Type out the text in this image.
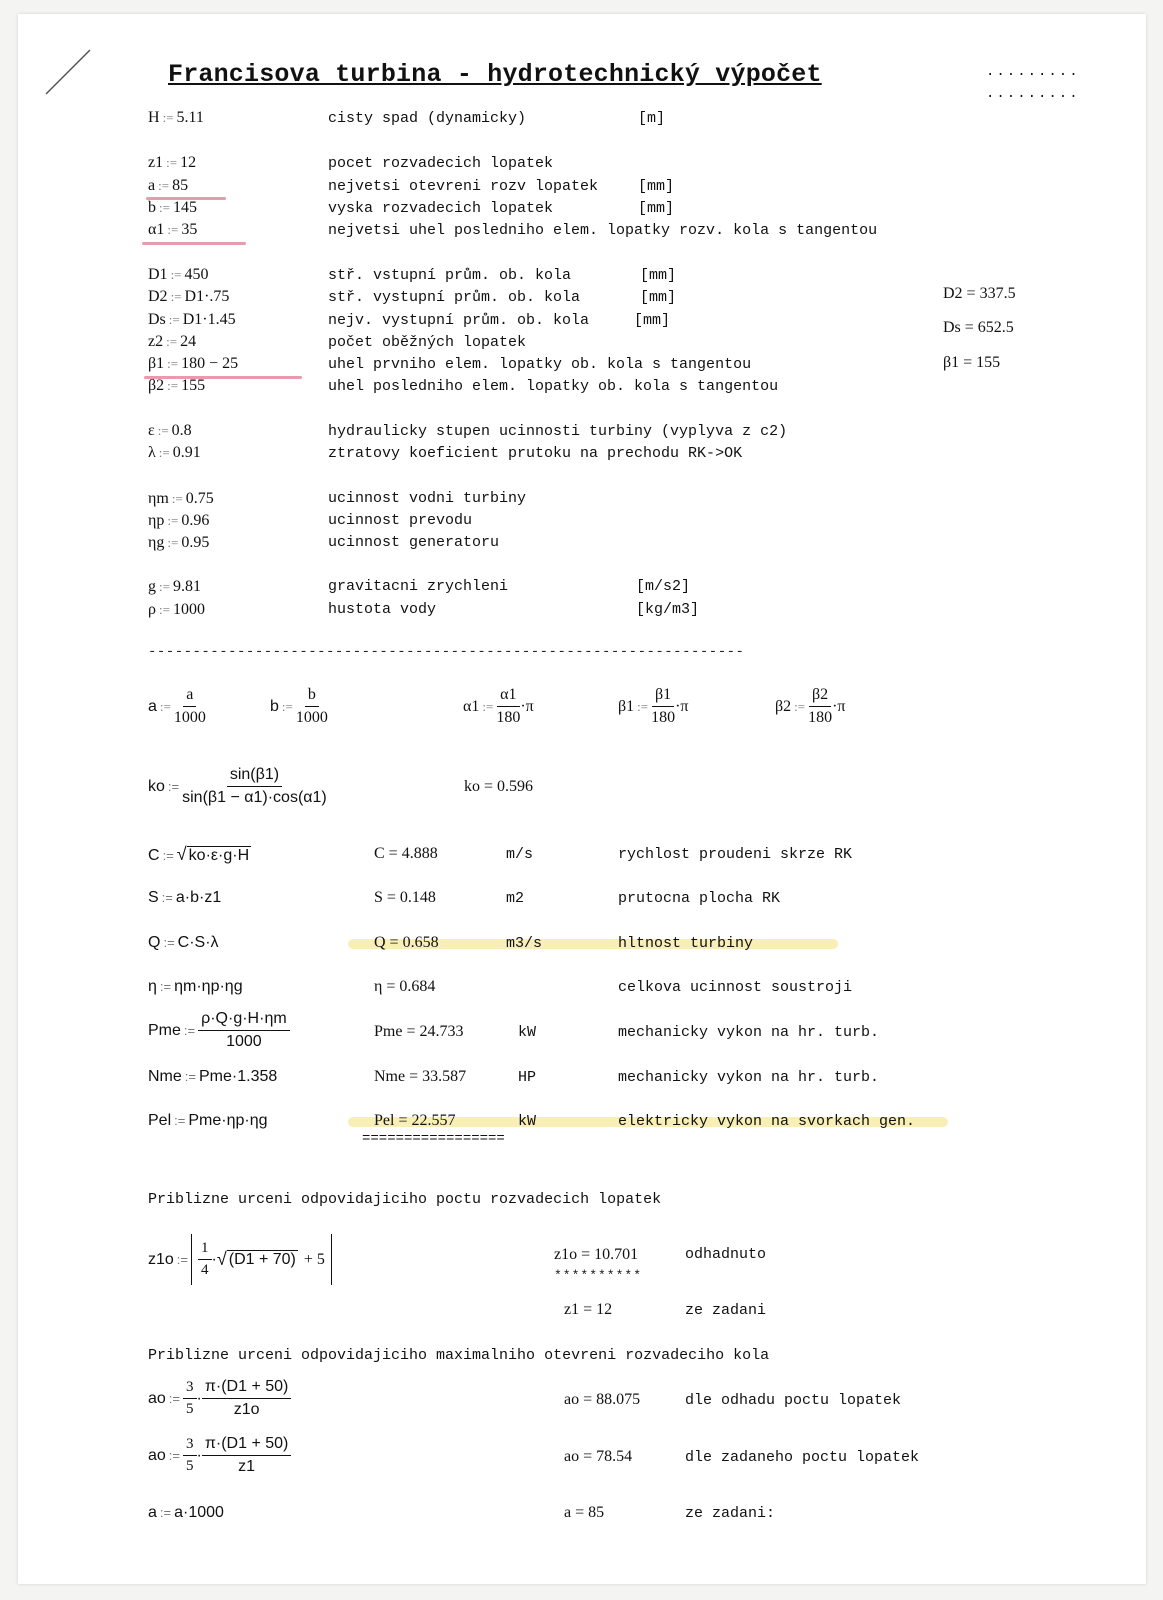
Francisova turbina - hydrotechnický výpočet	.........
.........
H := 5.11	cisty spad (dynamicky)	[m]
z1 := 12	pocet rozvadecich lopatek
a := 85	nejvetsi otevreni rozv lopatek	[mm]
b := 145	vyska rozvadecich lopatek	[mm]
α1 := 35	nejvetsi uhel posledniho elem. lopatky rozv. kola s tangentou
D1 := 450	stř. vstupní prům. ob. kola	[mm]
D2 := D1·.75	stř. vystupní prům. ob. kola	[mm]
Ds := D1·1.45	nejv. vystupní prům. ob. kola	[mm]
z2 := 24	počet oběžných lopatek
β1 := 180 − 25	uhel prvniho elem. lopatky ob. kola s tangentou
β2 := 155	uhel posledniho elem. lopatky ob. kola s tangentou
ε := 0.8	hydraulicky stupen ucinnosti turbiny (vyplyva z c2)
λ := 0.91	ztratovy koeficient prutoku na prechodu RK->OK
ηm := 0.75	ucinnost vodni turbiny
ηp := 0.96	ucinnost prevodu
ηg := 0.95	ucinnost generatoru
g := 9.81	gravitacni zrychleni	[m/s2]
ρ := 1000	hustota vody	[kg/m3]
D2 = 337.5
Ds = 652.5
β1 = 155
-------------------------------------------------------------------
a := $\frac{a}{1000}$	b := $\frac{b}{1000}$	α1 := $\frac{\alpha 1}{180} \cdot\pi$	β1 := $\frac{\beta 1}{180} \cdot\pi$	β2 := $\frac{\beta 2}{180} \cdot\pi$
ko := $\frac{\sin(\beta 1)}{\sin(\beta 1 - \alpha 1)\cdot\cos(\alpha 1)}$	ko = 0.596
C := √ ko·ε·g·H	C = 4.888	m/s	rychlost proudeni skrze RK
S := a·b·z1	S = 0.148	m2	prutocna plocha RK
Q := C·S·λ	Q = 0.658	m3/s	hltnost turbiny
η := ηm·ηp·ηg	η = 0.684	celkova ucinnost soustroji
Pme := $\frac{\rho\cdot Q\cdot g\cdot H\cdot\eta m}{1000}$	Pme = 24.733	kW	mechanicky vykon na hr. turb.
Nme := Pme·1.358	Nme = 33.587	HP	mechanicky vykon na hr. turb.
Pel := Pme·ηp·ηg	Pel = 22.557	kW	elektricky vykon na svorkach gen.
=================
Priblizne urceni odpovidajiciho poctu rozvadecich lopatek
z1o := $\frac{1}{4}$ · √ (D1 + 70) + 5	z1o = 10.701	odhadnuto
**********
z1 = 12	ze zadani
Priblizne urceni odpovidajiciho maximalniho otevreni rozvadeciho kola
ao := $\frac{3}{5} \cdot \frac{\pi\cdot(D1 + 50)}{z1o}$	ao = 88.075	dle odhadu poctu lopatek
ao := $\frac{3}{5} \cdot \frac{\pi\cdot(D1 + 50)}{z1}$	ao = 78.54	dle zadaneho poctu lopatek
a := a·1000	a = 85	ze zadani:
